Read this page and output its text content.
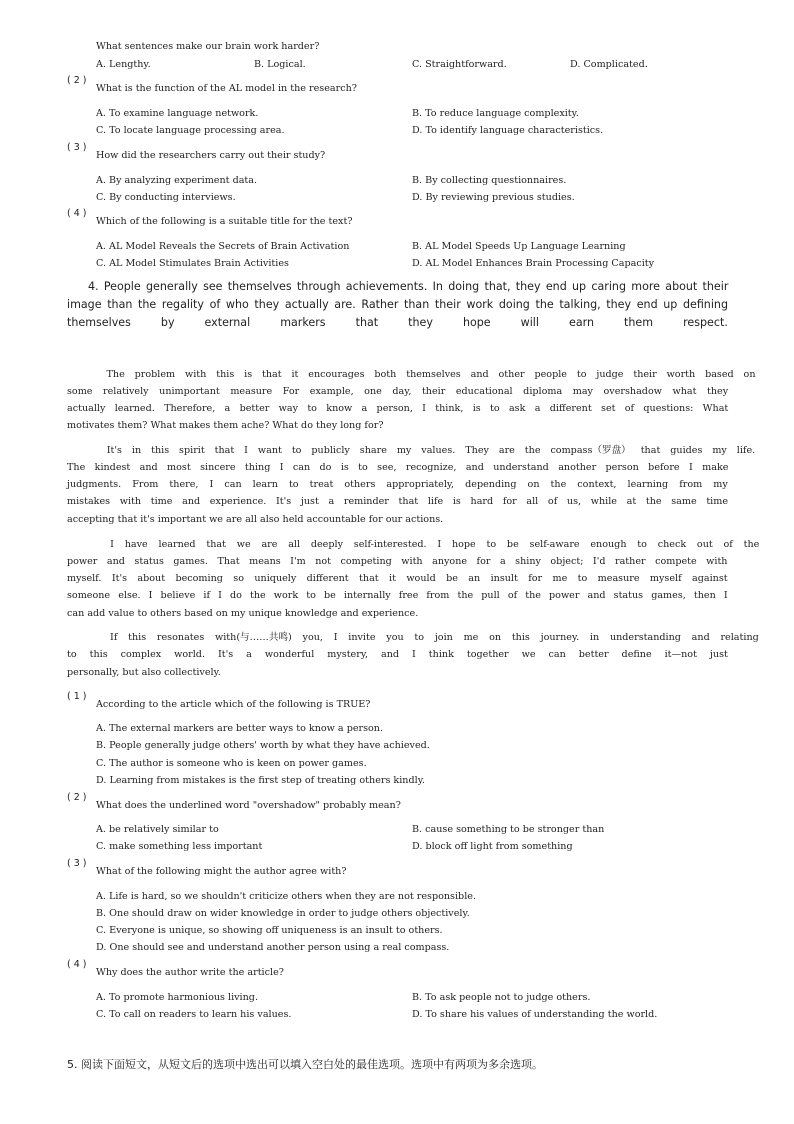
What sentences make our brain work harder?
A. Lengthy.	B. Logical.	C. Straightforward.	D. Complicated.
( 2 )
What is the function of the AL model in the research?
A. To examine language network.	B. To reduce language complexity.
C. To locate language processing area.	D. To identify language characteristics.
( 3 )
How did the researchers carry out their study?
A. By analyzing experiment data.	B. By collecting questionnaires.
C. By conducting interviews.	D. By reviewing previous studies.
( 4 )
Which of the following is a suitable title for the text?
A. AL Model Reveals the Secrets of Brain Activation	B. AL Model Speeds Up Language Learning
C. AL Model Stimulates Brain Activities	D. AL Model Enhances Brain Processing Capacity
4. People generally see themselves through achievements. In doing that, they end up caring more about their
image than the regality of who they actually are. Rather than their work doing the talking, they end up defining
themselves by external markers that they hope will earn them respect.
The problem with this is that it encourages both themselves and other people to judge their worth based on
some relatively unimportant measure For example, one day, their educational diploma may overshadow what they
actually learned. Therefore, a better way to know a person, I think, is to ask a different set of questions: What
motivates them? What makes them ache? What do they long for?
It's in this spirit that I want to publicly share my values. They are the compass（罗盘） that guides my life.
The kindest and most sincere thing I can do is to see, recognize, and understand another person before I make
judgments. From there, I can learn to treat others appropriately, depending on the context, learning from my
mistakes with time and experience. It's just a reminder that life is hard for all of us, while at the same time
accepting that it's important we are all also held accountable for our actions.
I have learned that we are all deeply self-interested. I hope to be self-aware enough to check out of the
power and status games. That means I'm not competing with anyone for a shiny object; I'd rather compete with
myself. It's about becoming so uniquely different that it would be an insult for me to measure myself against
someone else. I believe if I do the work to be internally free from the pull of the power and status games, then I
can add value to others based on my unique knowledge and experience.
If this resonates with(与……共鸣) you, I invite you to join me on this journey. in understanding and relating
to this complex world. It's a wonderful mystery, and I think together we can better define it—not just
personally, but also collectively.
( 1 )
According to the article which of the following is TRUE?
A. The external markers are better ways to know a person.
B. People generally judge others' worth by what they have achieved.
C. The author is someone who is keen on power games.
D. Learning from mistakes is the first step of treating others kindly.
( 2 )
What does the underlined word "overshadow" probably mean?
A. be relatively similar to	B. cause something to be stronger than
C. make something less important	D. block off light from something
( 3 )
What of the following might the author agree with?
A. Life is hard, so we shouldn't criticize others when they are not responsible.
B. One should draw on wider knowledge in order to judge others objectively.
C. Everyone is unique, so showing off uniqueness is an insult to others.
D. One should see and understand another person using a real compass.
( 4 )
Why does the author write the article?
A. To promote harmonious living.	B. To ask people not to judge others.
C. To call on readers to learn his values.	D. To share his values of understanding the world.
5. 阅读下面短文，从短文后的选项中选出可以填入空白处的最佳选项。选项中有两项为多余选项。
